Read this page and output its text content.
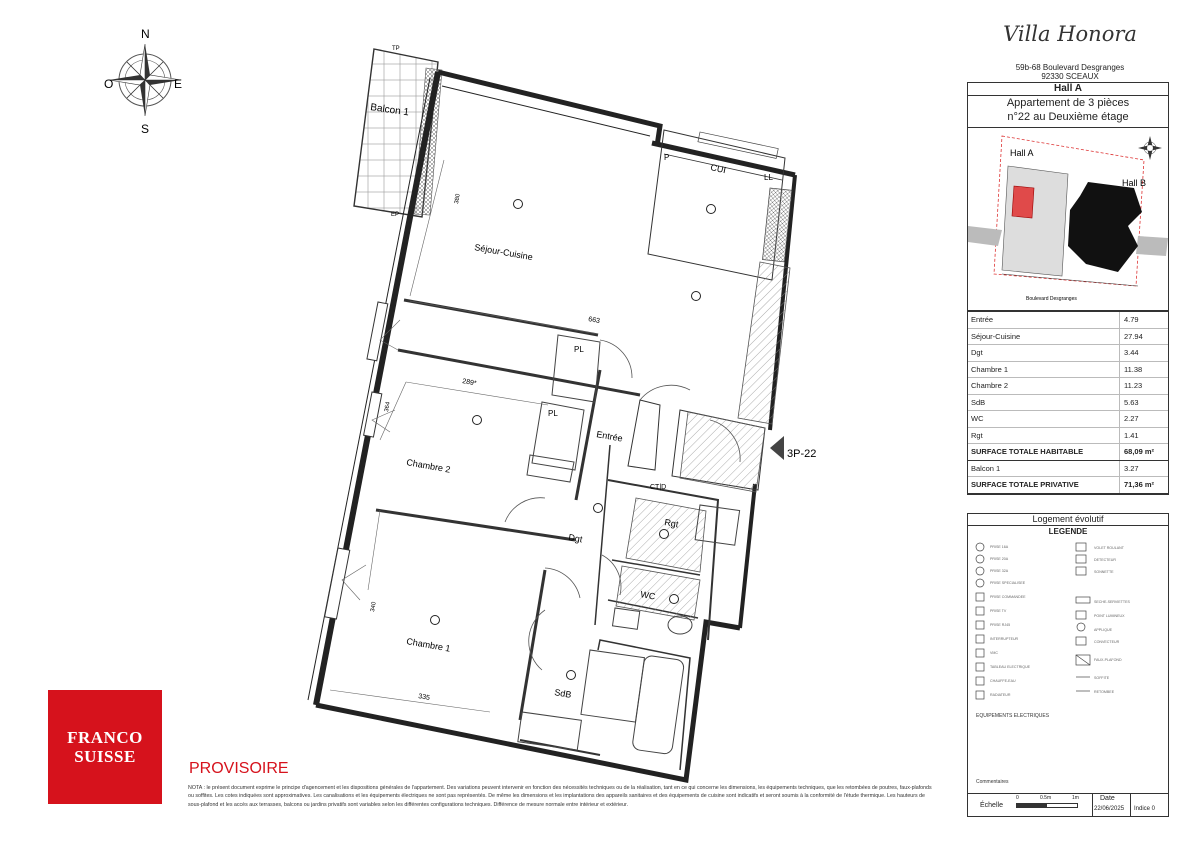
N
S
E
O
Balcon 1
TP
EP
CUI
P
LL
PL
PL
380
663
289*
364
340
335
Séjour-Cuisine
Chambre 2
Chambre 1
Entrée
Dgt
Rgt
WC
SdB
CT|D
3P-22
FRANCO
SUISSE
PROVISOIRE
NOTA : le présent document exprime le principe d'agencement et les dispositions générales de l'appartement. Des variations peuvent intervenir en fonction des nécessités techniques ou de la réalisation, tant en ce qui concerne les dimensions, les équipements techniques, que les retombées de poutres, faux-plafonds ou soffites. Les cotes indiquées sont approximatives. Les canalisations et les équipements électriques ne sont pas représentés. De même les dimensions et les implantations des appareils sanitaires et des équipements de cuisine sont indicatifs et seront soumis à la conformité de l'étude thermique. Les hauteurs de sous-plafond et les accès aux terrasses, balcons ou jardins privatifs sont variables selon les différentes configurations techniques. Différence de mesure normale entre intérieur et extérieur.
Villa Honora
59b-68 Boulevard Desgranges
92330 SCEAUX
Hall A
Appartement de 3 pièces
n°22 au Deuxième étage
Hall A
Hall B
Boulevard Desgranges
Entrée	4.79
Séjour-Cuisine	27.94
Dgt	3.44
Chambre 1	11.38
Chambre 2	11.23
SdB	5.63
WC	2.27
Rgt	1.41
SURFACE TOTALE HABITABLE	68,09 m²
Balcon 1	3.27
SURFACE TOTALE PRIVATIVE	71,36 m²
Logement évolutif
LEGENDE
PRISE 16A
PRISE 20A
PRISE 32A
PRISE SPECIALISEE
PRISE COMMANDEE
PRISE TV
PRISE RJ45
INTERRUPTEUR
VMC
TABLEAU ELECTRIQUE
CHAUFFE-EAU
RADIATEUR
VOLET ROULANT
DETECTEUR
SONNETTE
SECHE-SERVIETTES
POINT LUMINEUX
APPLIQUE
CONVECTEUR
FAUX-PLAFOND
SOFFITE
RETOMBEE
EQUIPEMENTS ELECTRIQUES
Commentaires
Échelle
0	0.5m	1m	Date
22/06/2025 Indice 0
